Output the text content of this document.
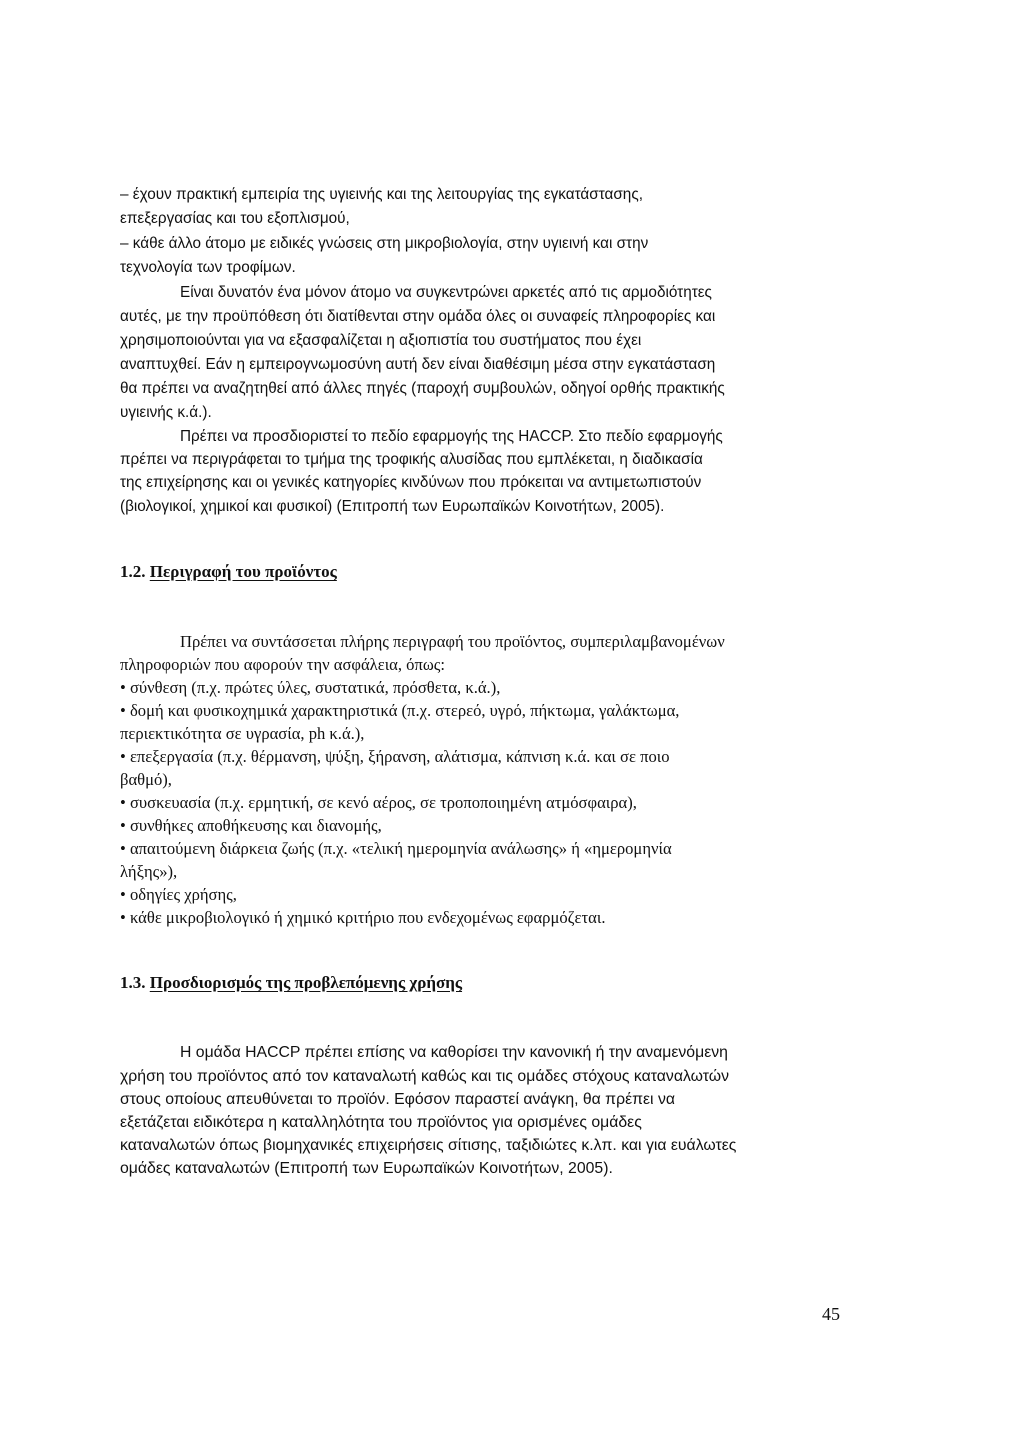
– έχουν πρακτική εμπειρία της υγιεινής και της λειτουργίας της εγκατάστασης,
επεξεργασίας και του εξοπλισμού,
– κάθε άλλο άτομο με ειδικές γνώσεις στη μικροβιολογία, στην υγιεινή και στην
τεχνολογία των τροφίμων.
Είναι δυνατόν ένα μόνον άτομο να συγκεντρώνει αρκετές από τις αρμοδιότητες
αυτές, με την προϋπόθεση ότι διατίθενται στην ομάδα όλες οι συναφείς πληροφορίες και
χρησιμοποιούνται για να εξασφαλίζεται η αξιοπιστία του συστήματος που έχει
αναπτυχθεί. Εάν η εμπειρογνωμοσύνη αυτή δεν είναι διαθέσιμη μέσα στην εγκατάσταση
θα πρέπει να αναζητηθεί από άλλες πηγές (παροχή συμβουλών, οδηγοί ορθής πρακτικής
υγιεινής κ.ά.).
Πρέπει να προσδιοριστεί το πεδίο εφαρμογής της HACCP. Στο πεδίο εφαρμογής
πρέπει να περιγράφεται το τμήμα της τροφικής αλυσίδας που εμπλέκεται, η διαδικασία
της επιχείρησης και οι γενικές κατηγορίες κινδύνων που πρόκειται να αντιμετωπιστούν
(βιολογικοί, χημικοί και φυσικοί) (Επιτροπή των Ευρωπαϊκών Κοινοτήτων, 2005).
1.2. Περιγραφή του προϊόντος
Πρέπει να συντάσσεται πλήρης περιγραφή του προϊόντος, συμπεριλαμβανομένων
πληροφοριών που αφορούν την ασφάλεια, όπως:
• σύνθεση (π.χ. πρώτες ύλες, συστατικά, πρόσθετα, κ.ά.),
• δομή και φυσικοχημικά χαρακτηριστικά (π.χ. στερεό, υγρό, πήκτωμα, γαλάκτωμα,
περιεκτικότητα σε υγρασία, ph κ.ά.),
• επεξεργασία (π.χ. θέρμανση, ψύξη, ξήρανση, αλάτισμα, κάπνιση κ.ά. και σε ποιο
βαθμό),
• συσκευασία (π.χ. ερμητική, σε κενό αέρος, σε τροποποιημένη ατμόσφαιρα),
• συνθήκες αποθήκευσης και διανομής,
• απαιτούμενη διάρκεια ζωής (π.χ. «τελική ημερομηνία ανάλωσης» ή «ημερομηνία
λήξης»),
• οδηγίες χρήσης,
• κάθε μικροβιολογικό ή χημικό κριτήριο που ενδεχομένως εφαρμόζεται.
1.3. Προσδιορισμός της προβλεπόμενης χρήσης
Η ομάδα HACCP πρέπει επίσης να καθορίσει την κανονική ή την αναμενόμενη
χρήση του προϊόντος από τον καταναλωτή καθώς και τις ομάδες στόχους καταναλωτών
στους οποίους απευθύνεται το προϊόν. Εφόσον παραστεί ανάγκη, θα πρέπει να
εξετάζεται ειδικότερα η καταλληλότητα του προϊόντος για ορισμένες ομάδες
καταναλωτών όπως βιομηχανικές επιχειρήσεις σίτισης, ταξιδιώτες κ.λπ. και για ευάλωτες
ομάδες καταναλωτών (Επιτροπή των Ευρωπαϊκών Κοινοτήτων, 2005).
45
